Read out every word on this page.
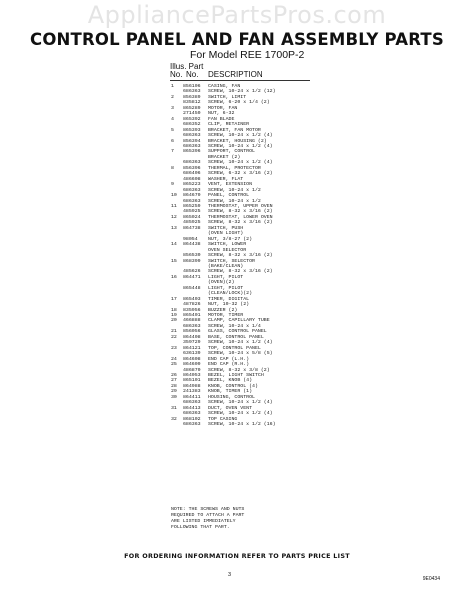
AppliancePartsPros.com
CONTROL PANEL AND FAN ASSEMBLY PARTS
For Model REE 1700P-2
Illus. Part
No. No. DESCRIPTION
1 856106 CASING, FAN
686363 SCREW, 10-24 x 1/2 (12)
2 856389 SWITCH, LIMIT
835812 SCREW, 6-20 x 1/4 (2)
3 865289 MOTOR, FAN
271450 NUT, 6-32
4 865392 FAN BLADE
686352 CLIP, RETAINER
5 865393 BRACKET, FAN MOTOR
686363 SCREW, 10-24 x 1/2 (4)
6 856394 BRACKET, HOUSING (2)
686363 SCREW, 10-24 x 1/2 (4)
7 865396 SUPPORT, CONTROL
BRACKET (2)
686363 SCREW, 10-24 x 1/2 (4)
8 856396 THERMAL, PROTECTOR
686406 SCREW, 6-32 x 3/16 (2)
486608 WASHER, FLAT
9 865223 VENT, EXTENSION
686363 SCREW, 10-24 x 1/2
10 864670 PANEL, CONTROL
686363 SCREW, 10-24 x 1/2
11 865259 THERMOSTAT, UPPER OVEN
485925 SCREW, 8-32 x 3/16 (2)
12 865024 THERMOSTAT, LOWER OVEN
485925 SCREW, 8-32 x 3/16 (2)
13 864738 SWITCH, PUSH
(OVEN LIGHT)
98054 NUT, 3/8-27 (2)
14 864438 SWITCH, LOWER
OVEN SELECTOR
856530 SCREW, 8-32 x 3/16 (2)
15 868399 SWITCH, SELECTOR
(BAKE/CLEAN)
485626 SCREW, 8-32 x 3/16 (2)
16 864471 LIGHT, PILOT
(OVEN)(2)
865448 LIGHT, PILOT
(CLEAN/LOCK)(2)
17 865403 TIMER, DIGITAL
487826 NUT, 10-32 (2)
18 835956 BUZZER (2)
19 865401 MOTOR, TIMER
20 466888 CLAMP, CAPILLARY TUBE
686363 SCREW, 10-24 x 1/4
21 856056 GLASS, CONTROL PANEL
22 864408 BASE, CONTROL PANEL
359729 SCREW, 10-24 x 1/2 (4)
23 864121 TOP, CONTROL PANEL
636139 SCREW, 10-24 x 5/8 (5)
24 864608 END CAP (L.H.)
25 864609 END CAP (R.H.)
486870 SCREW, 8-32 x 3/8 (2)
26 864053 BEZEL, LIGHT SWITCH
27 865101 BEZEL, KNOB (4)
28 864988 KNOB, CONTROL (4)
29 241383 KNOB, TIMER (1)
30 864411 HOUSING, CONTROL
686363 SCREW, 10-24 x 1/2 (4)
31 864413 DUCT, OVEN VENT
686363 SCREW, 10-24 x 1/2 (4)
32 868102 TOP CASING
686363 SCREW, 10-24 x 1/2 (16)
NOTE: THE SCREWS AND NUTS
REQUIRED TO ATTACH A PART
ARE LISTED IMMEDIATELY
FOLLOWING THAT PART.
FOR ORDERING INFORMATION REFER TO PARTS PRICE LIST
3
9E0434
